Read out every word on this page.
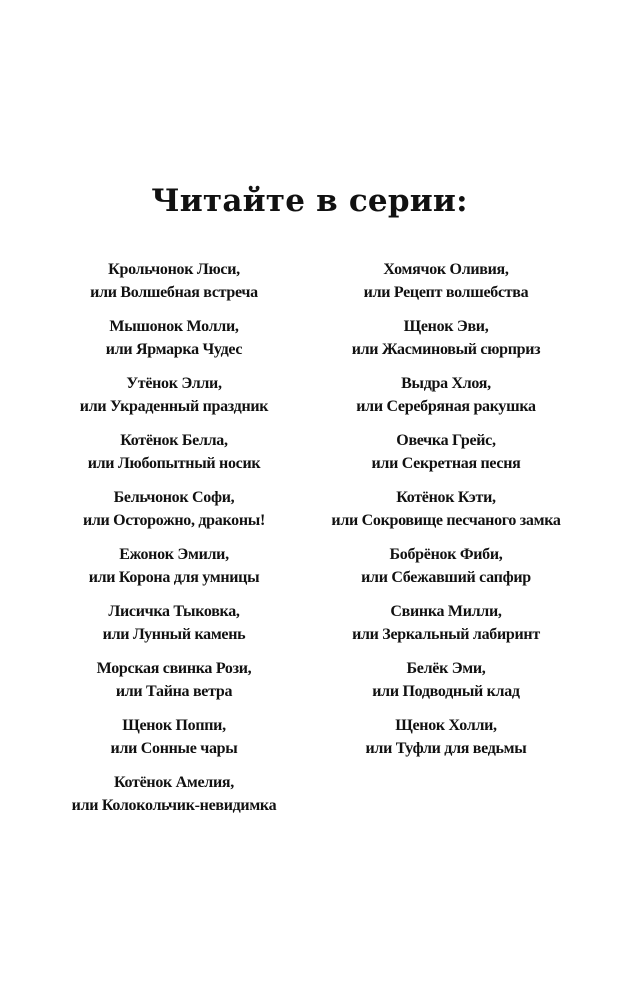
Читайте в серии:
Крольчонок Люси,
или Волшебная встреча
Мышонок Молли,
или Ярмарка Чудес
Утёнок Элли,
или Украденный праздник
Котёнок Белла,
или Любопытный носик
Бельчонок Софи,
или Осторожно, драконы!
Ежонок Эмили,
или Корона для умницы
Лисичка Тыковка,
или Лунный камень
Морская свинка Рози,
или Тайна ветра
Щенок Поппи,
или Сонные чары
Котёнок Амелия,
или Колокольчик-невидимка
Хомячок Оливия,
или Рецепт волшебства
Щенок Эви,
или Жасминовый сюрприз
Выдра Хлоя,
или Серебряная ракушка
Овечка Грейс,
или Секретная песня
Котёнок Кэти,
или Сокровище песчаного замка
Бобрёнок Фиби,
или Сбежавший сапфир
Свинка Милли,
или Зеркальный лабиринт
Белёк Эми,
или Подводный клад
Щенок Холли,
или Туфли для ведьмы
